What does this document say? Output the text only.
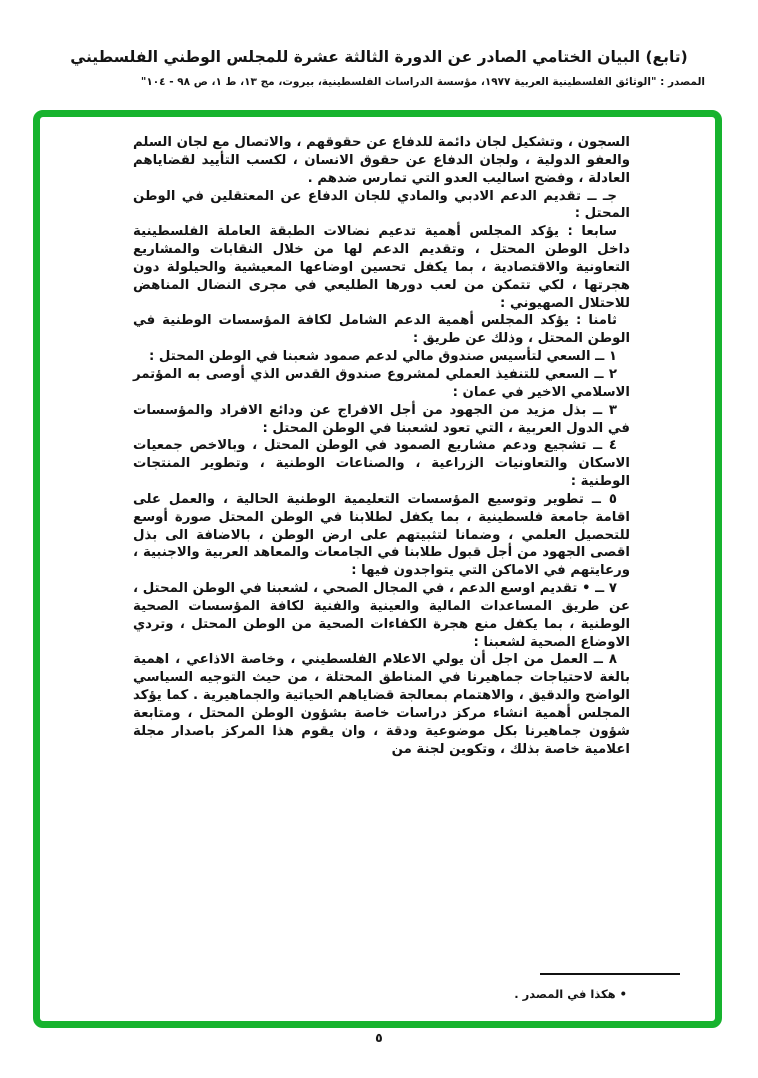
(تابع) البيان الختامي الصادر عن الدورة الثالثة عشرة للمجلس الوطني الفلسطيني
المصدر : "الوثائق الفلسطينية العربية ١٩٧٧، مؤسسة الدراسات الفلسطينية، بيروت، مج ١٣، ط ١، ص ٩٨ - ١٠٤"

السجون ، وتشكيل لجان دائمة للدفاع عن حقوقهم ، والاتصال مع لجان السلم والعفو الدولية ، ولجان الدفاع عن حقوق الانسان ، لكسب التأييد لقضاياهم العادلة ، وفضح اساليب العدو التي تمارس ضدهم .

جـ ــ تقديم الدعم الادبي والمادي للجان الدفاع عن المعتقلين في الوطن المحتل :

سابعا : يؤكد المجلس أهمية تدعيم نضالات الطبقة العاملة الفلسطينية داخل الوطن المحتل ، وتقديم الدعم لها من خلال النقابات والمشاريع التعاونية والاقتصادية ، بما يكفل تحسين اوضاعها المعيشية والحيلولة دون هجرتها ، لكي تتمكن من لعب دورها الطليعي في مجرى النضال المناهض للاحتلال الصهيوني :

ثامنا : يؤكد المجلس أهمية الدعم الشامل لكافة المؤسسات الوطنية في الوطن المحتل ، وذلك عن طريق :

١ ــ السعي لتأسيس صندوق مالي لدعم صمود شعبنا في الوطن المحتل :

٢ ــ السعي للتنفيذ العملي لمشروع صندوق القدس الذي أوصى به المؤتمر الاسلامي الاخير في عمان :

٣ ــ بذل مزيد من الجهود من أجل الافراج عن ودائع الافراد والمؤسسات في الدول العربية ، التي تعود لشعبنا في الوطن المحتل :

٤ ــ تشجيع ودعم مشاريع الصمود في الوطن المحتل ، وبالاخص جمعيات الاسكان والتعاونيات الزراعية ، والصناعات الوطنية ، وتطوير المنتجات الوطنية :

٥ ــ تطوير وتوسيع المؤسسات التعليمية الوطنية الحالية ، والعمل على اقامة جامعة فلسطينية ، بما يكفل لطلابنا في الوطن المحتل صورة أوسع للتحصيل العلمي ، وضمانا لتثبيتهم على ارض الوطن ، بالاضافة الى بذل اقصى الجهود من أجل قبول طلابنا في الجامعات والمعاهد العربية والاجنبية ، ورعايتهم في الاماكن التي يتواجدون فيها :

٧ ــ • تقديم اوسع الدعم ، في المجال الصحي ، لشعبنا في الوطن المحتل ، عن طريق المساعدات المالية والعينية والفنية لكافة المؤسسات الصحية الوطنية ، بما يكفل منع هجرة الكفاءات الصحية من الوطن المحتل ، وتردي الاوضاع الصحية لشعبنا :

٨ ــ العمل من اجل أن يولي الاعلام الفلسطيني ، وخاصة الاذاعي ، اهمية بالغة لاحتياجات جماهيرنا في المناطق المحتلة ، من حيث التوجيه السياسي الواضح والدقيق ، والاهتمام بمعالجة قضاياهم الحياتية والجماهيرية . كما يؤكد المجلس أهمية انشاء مركز دراسات خاصة بشؤون الوطن المحتل ، ومتابعة شؤون جماهيرنا بكل موضوعية ودقة ، وان يقوم هذا المركز باصدار مجلة اعلامية خاصة بذلك ، وتكوين لجنة من

•هكذا في المصدر .
٥
